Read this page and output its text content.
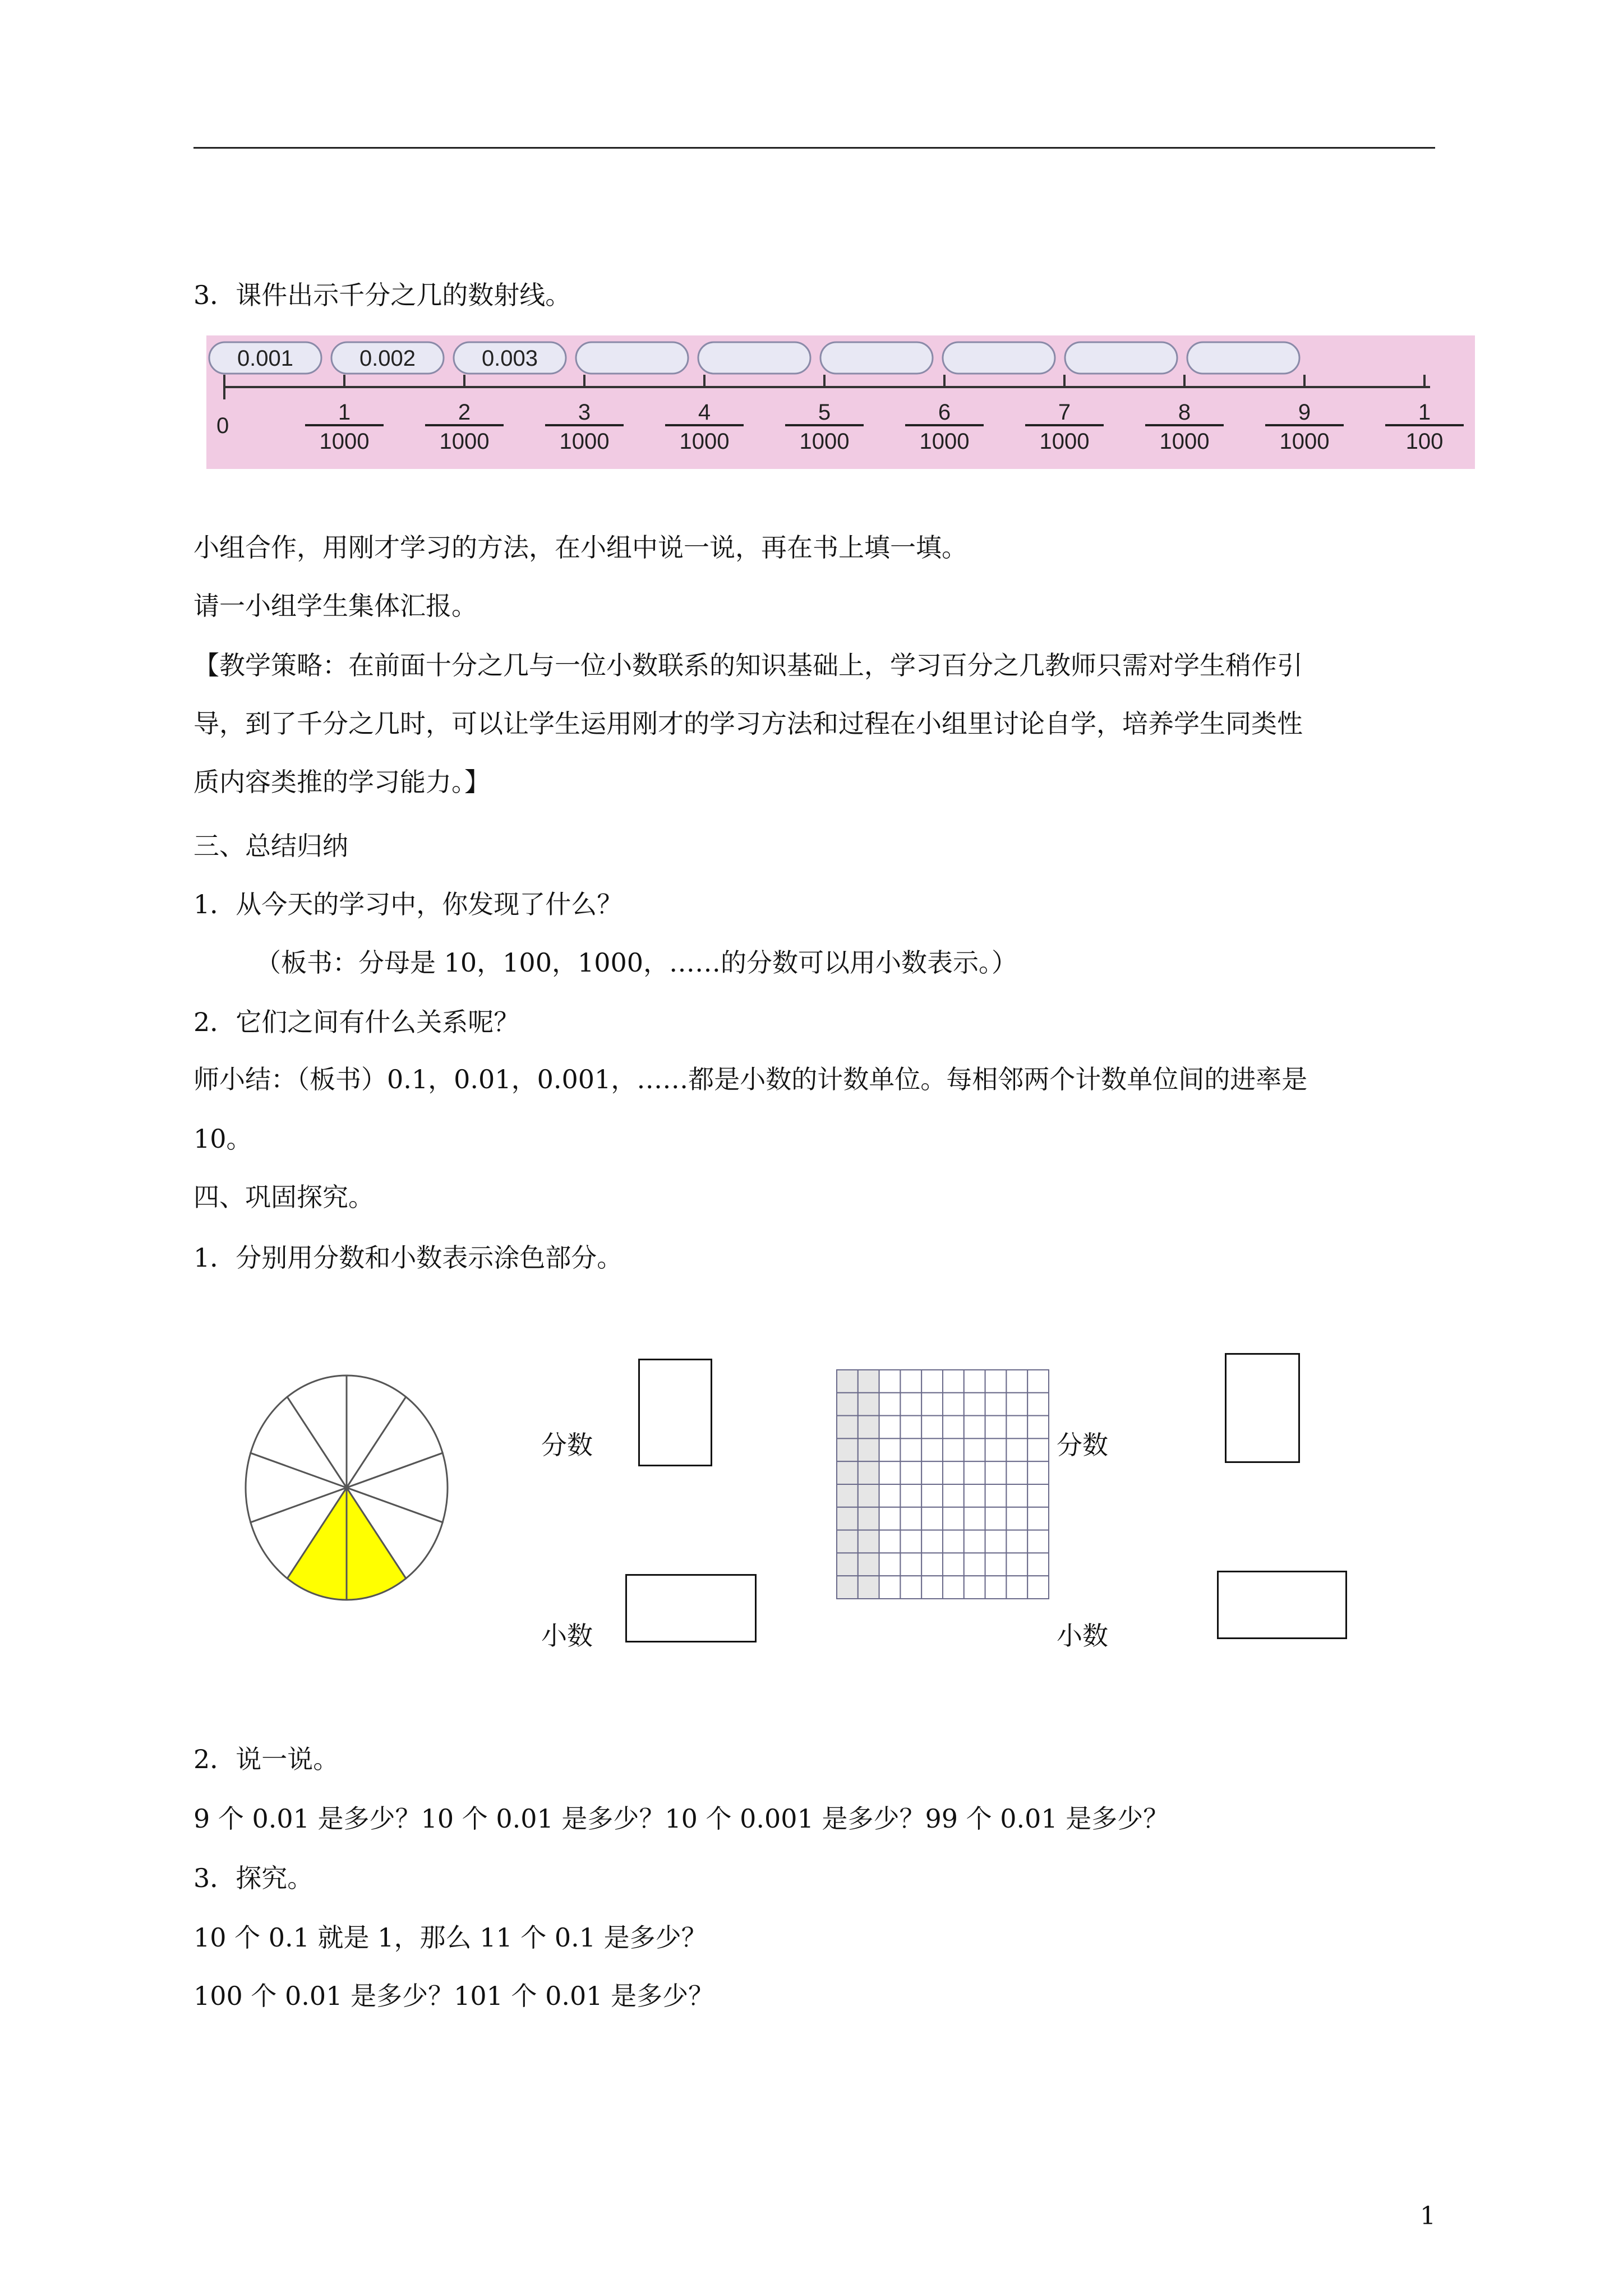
3．课件出示千分之几的数射线。
0
0.001	0.002	0.003
1
1000
2
1000
3
1000
4
1000
5
1000
6
1000
7
1000
8
1000
9
1000
1
100
小组合作，用刚才学习的方法，在小组中说一说，再在书上填一填。
请一小组学生集体汇报。
【教学策略：在前面十分之几与一位小数联系的知识基础上，学习百分之几教师只需对学生稍作引
导，到了千分之几时，可以让学生运用刚才的学习方法和过程在小组里讨论自学，培养学生同类性
质内容类推的学习能力。】
三、总结归纳
1．从今天的学习中，你发现了什么？
（板书：分母是 10，100，1000，……的分数可以用小数表示。）
2．它们之间有什么关系呢？
师小结：（板书）0.1，0.01，0.001，……都是小数的计数单位。每相邻两个计数单位间的进率是
10。
四、巩固探究。
1．分别用分数和小数表示涂色部分。
分数
小数
分数
小数
2．说一说。
9 个 0.01 是多少？10 个 0.01 是多少？10 个 0.001 是多少？99 个 0.01 是多少？
3．探究。
10 个 0.1 就是 1，那么 11 个 0.1 是多少？
100 个 0.01 是多少？101 个 0.01 是多少？
1
